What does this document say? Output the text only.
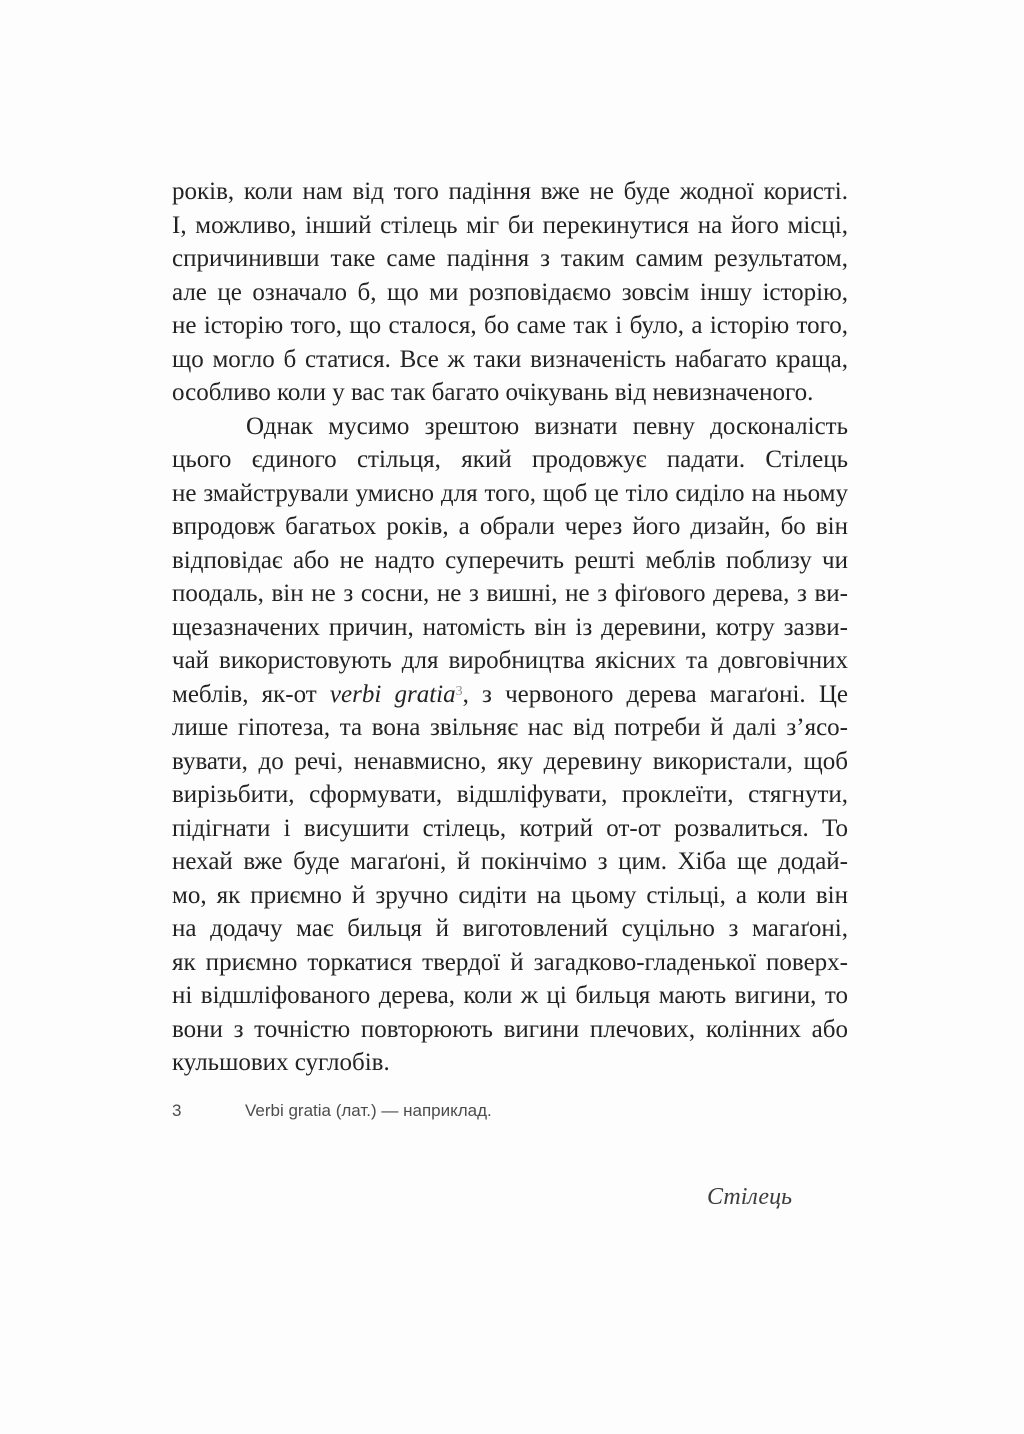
років, коли нам від того падіння вже не буде жодної користі.
І, можливо, інший стілець міг би перекинутися на його місці,
спричинивши таке саме падіння з таким самим результатом,
але це означало б, що ми розповідаємо зовсім іншу історію,
не історію того, що сталося, бо саме так і було, а історію того,
що могло б статися. Все ж таки визначеність набагато краща,
особливо коли у вас так багато очікувань від невизначеного.
Однак мусимо зрештою визнати певну досконалість
цього єдиного стільця, який продовжує падати. Стілець
не змайстрували умисно для того, щоб це тіло сиділо на ньому
впродовж багатьох років, а обрали через його дизайн, бо він
відповідає або не надто суперечить решті меблів поблизу чи
поодаль, він не з сосни, не з вишні, не з фіґового дерева, з ви-
щезазначених причин, натомість він із деревини, котру зазви-
чай використовують для виробництва якісних та довговічних
меблів, як-от verbi gratia$^3$, з червоного дерева магаґоні. Це
лише гіпотеза, та вона звільняє нас від потреби й далі з’ясо-
вувати, до речі, ненавмисно, яку деревину використали, щоб
вирізьбити, сформувати, відшліфувати, проклеїти, стягнути,
підігнати і висушити стілець, котрий от-от розвалиться. То
нехай вже буде магаґоні, й покінчімо з цим. Хіба ще додай-
мо, як приємно й зручно сидіти на цьому стільці, а коли він
на додачу має бильця й виготовлений суцільно з магаґоні,
як приємно торкатися твердої й загадково-гладенької поверх-
ні відшліфованого дерева, коли ж ці бильця мають вигини, то
вони з точністю повторюють вигини плечових, колінних або
кульшових суглобів.
3	Verbi gratia (лат.) — наприклад.
Стілець
